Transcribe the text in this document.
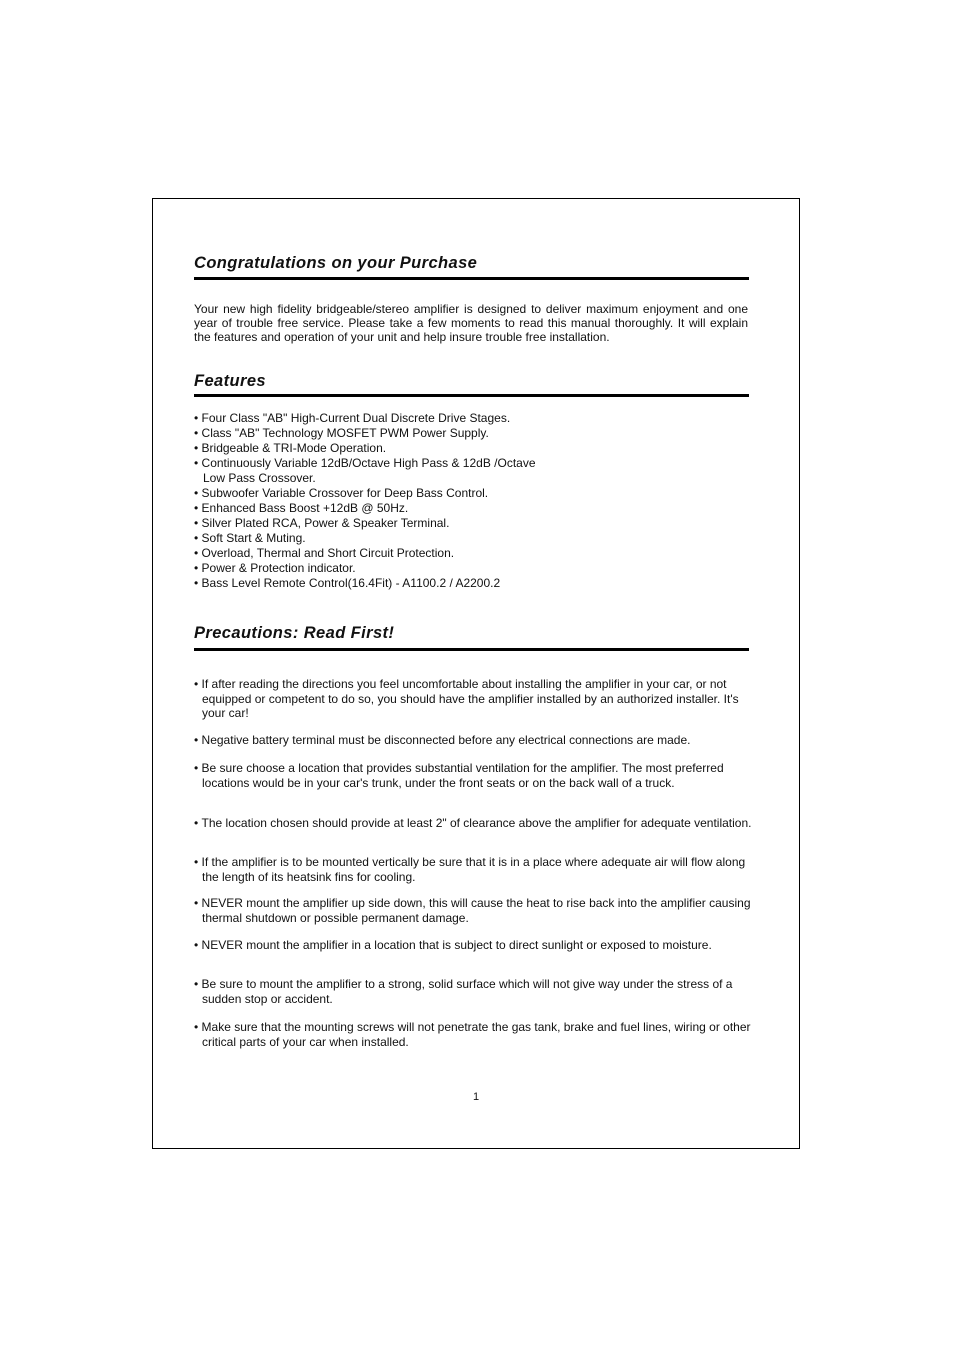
Congratulations on your Purchase

Your new high fidelity bridgeable/stereo amplifier is designed to deliver maximum enjoyment and one year of trouble free service. Please take a few moments to read this manual thoroughly. It will explain the features and operation of your unit and help insure trouble free installation.

Features
• Four Class "AB" High-Current Dual Discrete Drive Stages.
• Class "AB" Technology MOSFET PWM Power Supply.
• Bridgeable & TRI-Mode Operation.
• Continuously Variable 12dB/Octave High Pass & 12dB /Octave Low Pass Crossover.
• Subwoofer Variable Crossover for Deep Bass Control.
• Enhanced Bass Boost +12dB @ 50Hz.
• Silver Plated RCA, Power & Speaker Terminal.
• Soft Start & Muting.
• Overload, Thermal and Short Circuit Protection.
• Power & Protection indicator.
• Bass Level Remote Control(16.4Fit) - A1100.2 / A2200.2
Precautions: Read First!

• If after reading the directions you feel uncomfortable about installing the amplifier in your car, or not equipped or competent to do so, you should have the amplifier installed by an authorized installer. It's your car!

• Negative battery terminal must be disconnected before any electrical connections are made.

• Be sure choose a location that provides substantial ventilation for the amplifier. The most preferred locations would be in your car's trunk, under the front seats or on the back wall of a truck.

• The location chosen should provide at least 2" of clearance above the amplifier for adequate ventilation.

• If the amplifier is to be mounted vertically be sure that it is in a place where adequate air will flow along the length of its heatsink fins for cooling.

• NEVER mount the amplifier up side down, this will cause the heat to rise back into the amplifier causing thermal shutdown or possible permanent damage.

• NEVER mount the amplifier in a location that is subject to direct sunlight or exposed to moisture.

• Be sure to mount the amplifier to a strong, solid surface which will not give way under the stress of a sudden stop or accident.

• Make sure that the mounting screws will not penetrate the gas tank, brake and fuel lines, wiring or other critical parts of your car when installed.

1
